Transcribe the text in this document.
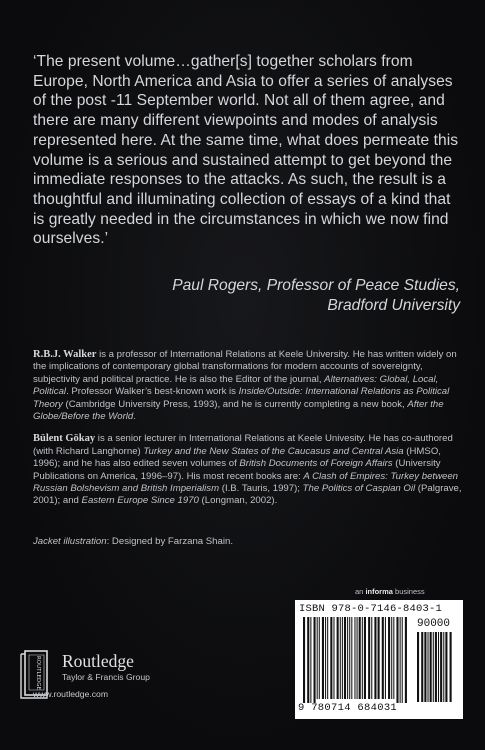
‘The present volume…gather[s] together scholars from Europe, North America and Asia to offer a series of analyses of the post -11 September world. Not all of them agree, and there are many different viewpoints and modes of analysis represented here. At the same time, what does permeate this volume is a serious and sustained attempt to get beyond the immediate responses to the attacks. As such, the result is a thoughtful and illuminating collection of essays of a kind that is greatly needed in the circumstances in which we now find ourselves.’
Paul Rogers, Professor of Peace Studies,
Bradford University

R.B.J. Walker is a professor of International Relations at Keele University. He has written widely on the implications of contemporary global transformations for modern accounts of sovereignty, subjectivity and political practice. He is also the Editor of the journal, Alternatives: Global, Local, Political. Professor Walker’s best-known work is Inside/Outside: International Relations as Political Theory (Cambridge University Press, 1993), and he is currently completing a new book, After the Globe/Before the World.

Bülent Gökay is a senior lecturer in International Relations at Keele Univesity. He has co-authored (with Richard Langhorne) Turkey and the New States of the Caucasus and Central Asia (HMSO, 1996); and he has also edited seven volumes of British Documents of Foreign Affairs (University Publications on America, 1996–97). His most recent books are: A Clash of Empires: Turkey between Russian Bolshevism and British Imperialism (I.B. Tauris, 1997); The Politics of Caspian Oil (Palgrave, 2001); and Eastern Europe Since 1970 (Longman, 2002).

Jacket illustration: Designed by Farzana Shain.
an informa business
ISBN 978-0-7146-8403-1
90000
9 780714 684031
ROUTLEDGE Routledge
Taylor & Francis Group
www.routledge.com
